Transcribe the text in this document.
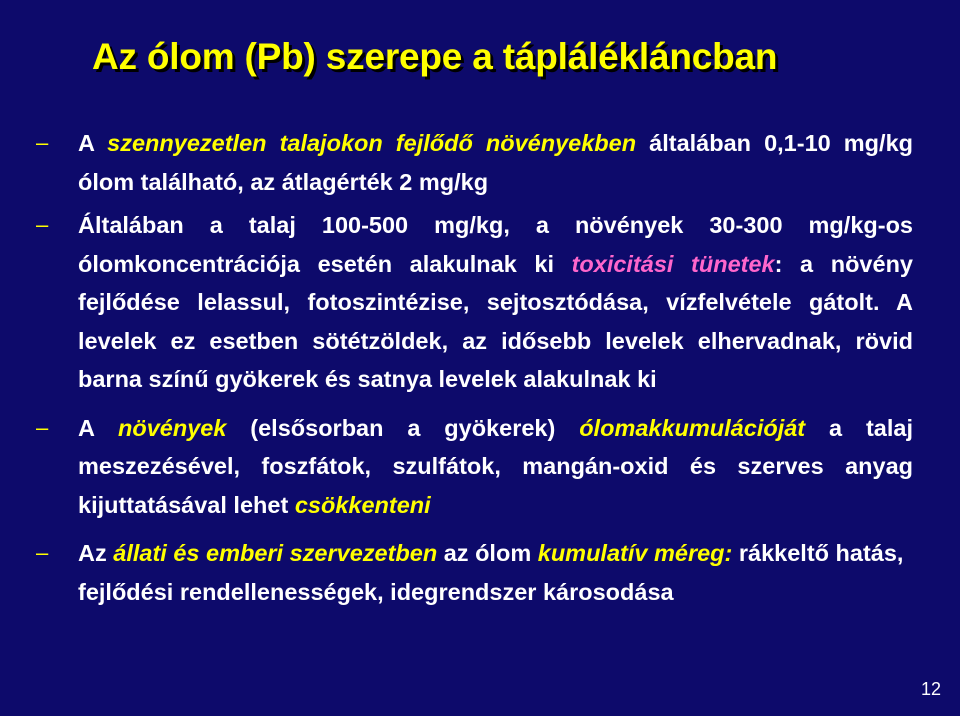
Az ólom (Pb) szerepe a táplálékláncban

– A szennyezetlen talajokon fejlődő növényekben általában 0,1-10 mg/kg ólom található, az átlagérték 2 mg/kg

– Általában a talaj 100-500 mg/kg, a növények 30-300 mg/kg-os ólomkoncentrációja esetén alakulnak ki toxicitási tünetek: a növény fejlődése lelassul, fotoszintézise, sejtosztódása, vízfelvétele gátolt. A levelek ez esetben sötétzöldek, az idősebb levelek elhervadnak, rövid barna színű gyökerek és satnya levelek alakulnak ki

– A növények (elsősorban a gyökerek) ólomakkumulációját a talaj meszezésével, foszfátok, szulfátok, mangán-oxid és szerves anyag kijuttatásával lehet csökkenteni

– Az állati és emberi szervezetben az ólom kumulatív méreg: rákkeltő hatás, fejlődési rendellenességek, idegrendszer károsodása

12
